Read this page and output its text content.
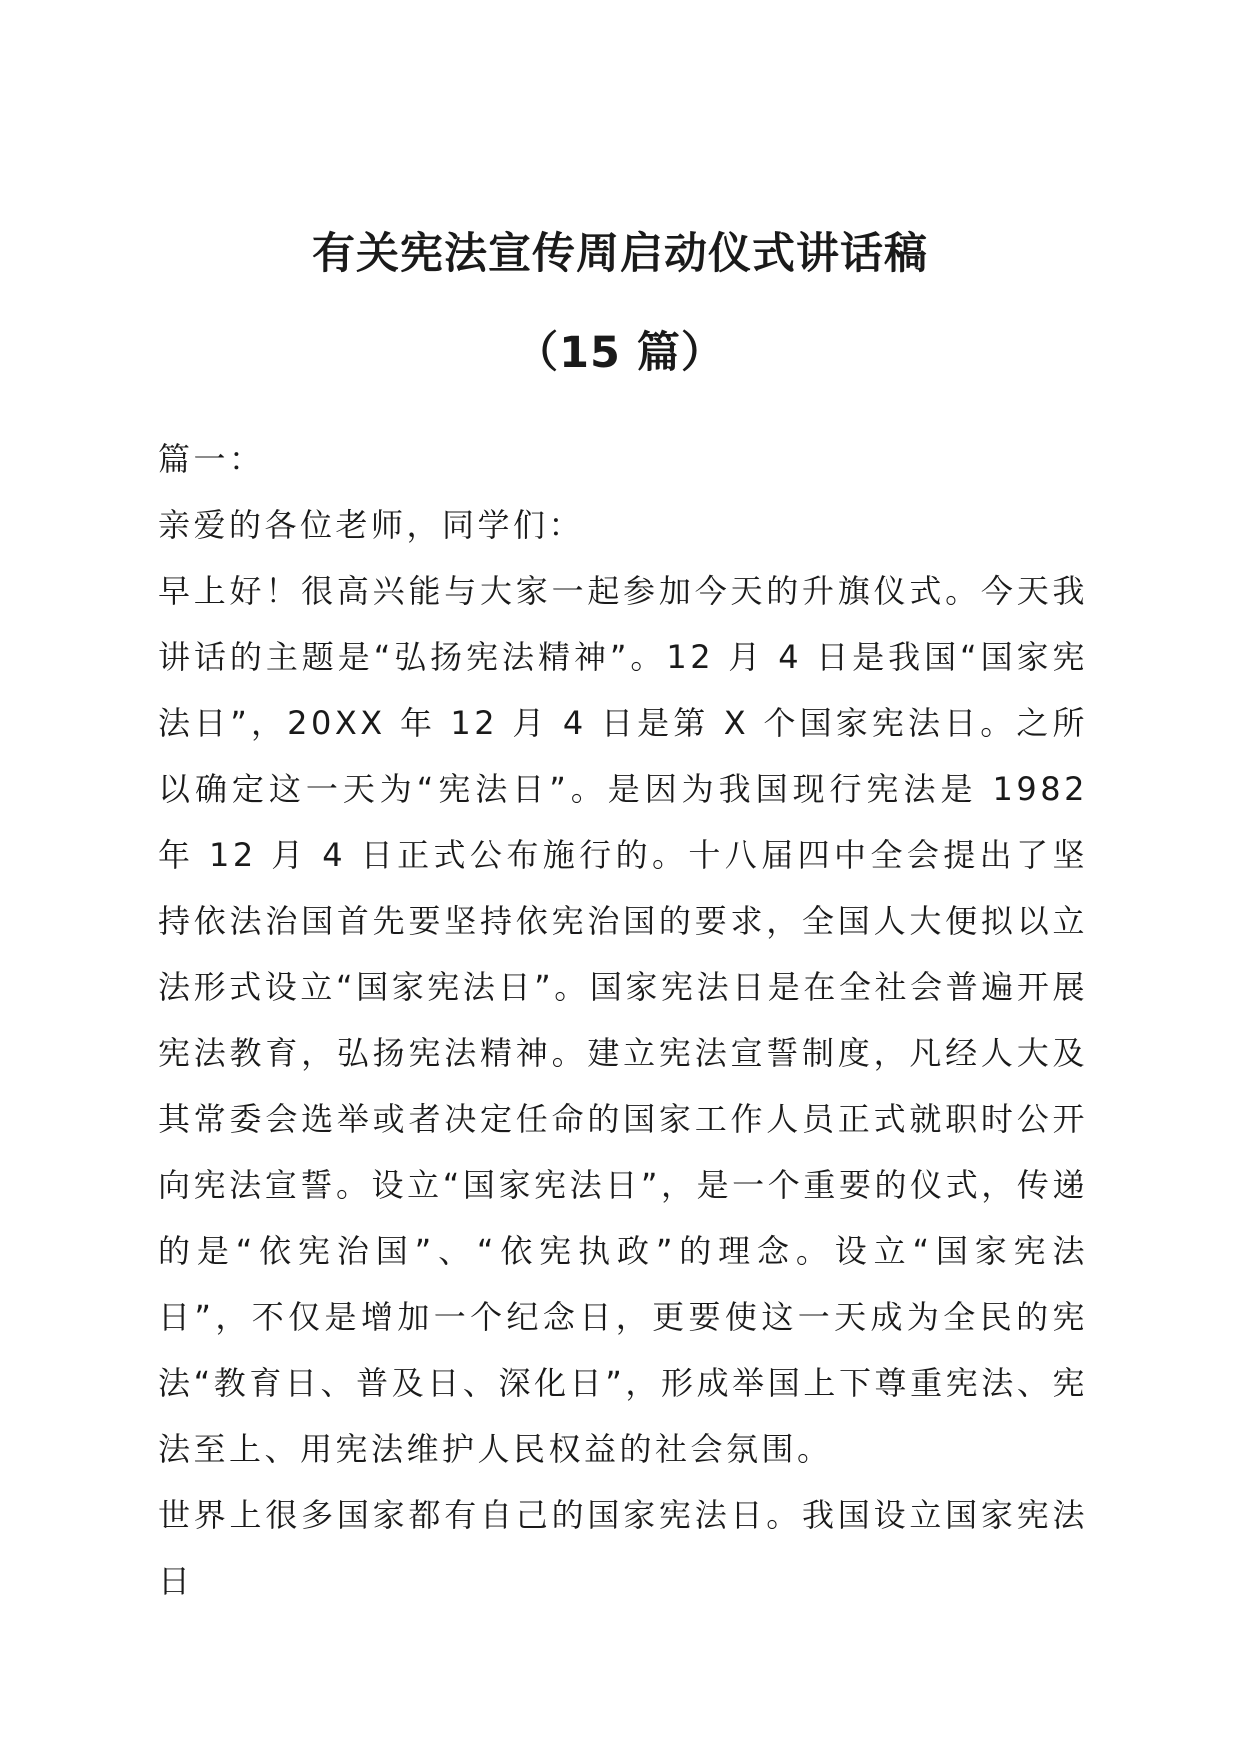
有关宪法宣传周启动仪式讲话稿
（15 篇）

篇一：

亲爱的各位老师，同学们：

早上好！很高兴能与大家一起参加今天的升旗仪式。今天我讲话的主题是“弘扬宪法精神”。12 月 4 日是我国“国家宪法日”，20XX 年 12 月 4 日是第 X 个国家宪法日。之所以确定这一天为“宪法日”。是因为我国现行宪法是 1982 年 12 月 4 日正式公布施行的。十八届四中全会提出了坚持依法治国首先要坚持依宪治国的要求，全国人大便拟以立法形式设立“国家宪法日”。国家宪法日是在全社会普遍开展宪法教育，弘扬宪法精神。建立宪法宣誓制度，凡经人大及其常委会选举或者决定任命的国家工作人员正式就职时公开向宪法宣誓。设立“国家宪法日”，是一个重要的仪式，传递的是“依宪治国”、“依宪执政”的理念。设立“国家宪法日”，不仅是增加一个纪念日，更要使这一天成为全民的宪法“教育日、普及日、深化日”，形成举国上下尊重宪法、宪法至上、用宪法维护人民权益的社会氛围。

世界上很多国家都有自己的国家宪法日。我国设立国家宪法日
